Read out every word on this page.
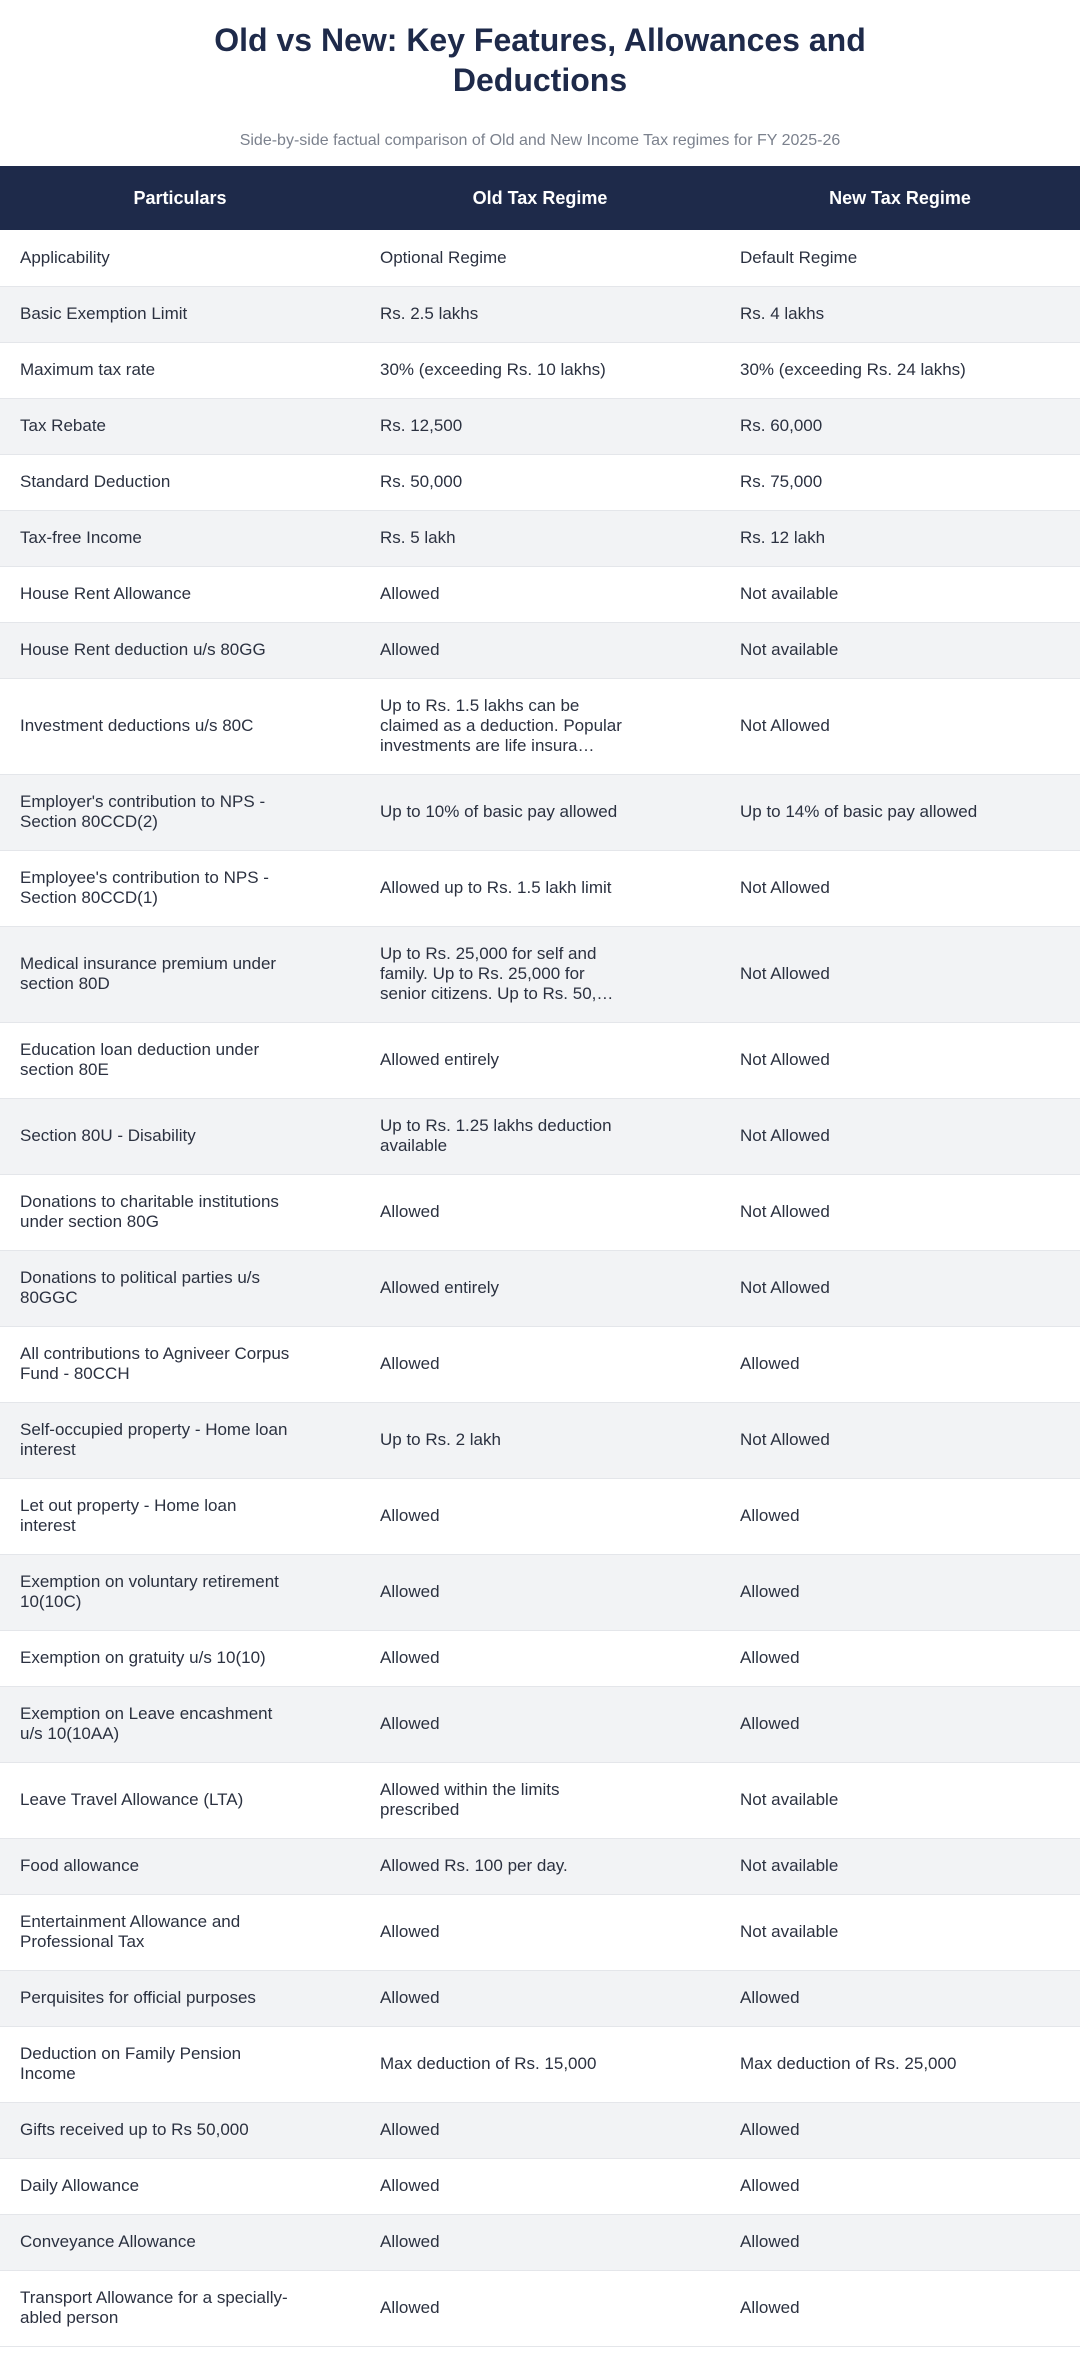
Old vs New: Key Features, Allowances and Deductions

Side-by-side factual comparison of Old and New Income Tax regimes for FY 2025-26

Particulars	Old Tax Regime	New Tax Regime

Applicability	Optional Regime	Default Regime

Basic Exemption Limit	Rs. 2.5 lakhs	Rs. 4 lakhs

Maximum tax rate	30% (exceeding Rs. 10 lakhs)	30% (exceeding Rs. 24 lakhs)

Tax Rebate	Rs. 12,500	Rs. 60,000

Standard Deduction	Rs. 50,000	Rs. 75,000

Tax-free Income	Rs. 5 lakh	Rs. 12 lakh

House Rent Allowance	Allowed	Not available

House Rent deduction u/s 80GG	Allowed	Not available

Investment deductions u/s 80C	Up to Rs. 1.5 lakhs can be claimed as a deduction. Popular investments are life insura…	Not Allowed

Employer's contribution to NPS - Section 80CCD(2)	Up to 10% of basic pay allowed	Up to 14% of basic pay allowed

Employee's contribution to NPS - Section 80CCD(1)	Allowed up to Rs. 1.5 lakh limit	Not Allowed

Medical insurance premium under section 80D	Up to Rs. 25,000 for self and family. Up to Rs. 25,000 for senior citizens. Up to Rs. 50,…	Not Allowed

Education loan deduction under section 80E	Allowed entirely	Not Allowed

Section 80U - Disability	Up to Rs. 1.25 lakhs deduction available	Not Allowed

Donations to charitable institutions under section 80G	Allowed	Not Allowed

Donations to political parties u/s 80GGC	Allowed entirely	Not Allowed

All contributions to Agniveer Corpus Fund - 80CCH	Allowed	Allowed

Self-occupied property - Home loan interest	Up to Rs. 2 lakh	Not Allowed

Let out property - Home loan interest	Allowed	Allowed

Exemption on voluntary retirement 10(10C)	Allowed	Allowed

Exemption on gratuity u/s 10(10)	Allowed	Allowed

Exemption on Leave encashment u/s 10(10AA)	Allowed	Allowed

Leave Travel Allowance (LTA)	Allowed within the limits prescribed	Not available

Food allowance	Allowed Rs. 100 per day.	Not available

Entertainment Allowance and Professional Tax	Allowed	Not available

Perquisites for official purposes	Allowed	Allowed

Deduction on Family Pension Income	Max deduction of Rs. 15,000	Max deduction of Rs. 25,000

Gifts received up to Rs 50,000	Allowed	Allowed

Daily Allowance	Allowed	Allowed

Conveyance Allowance	Allowed	Allowed

Transport Allowance for a specially-abled person	Allowed	Allowed
